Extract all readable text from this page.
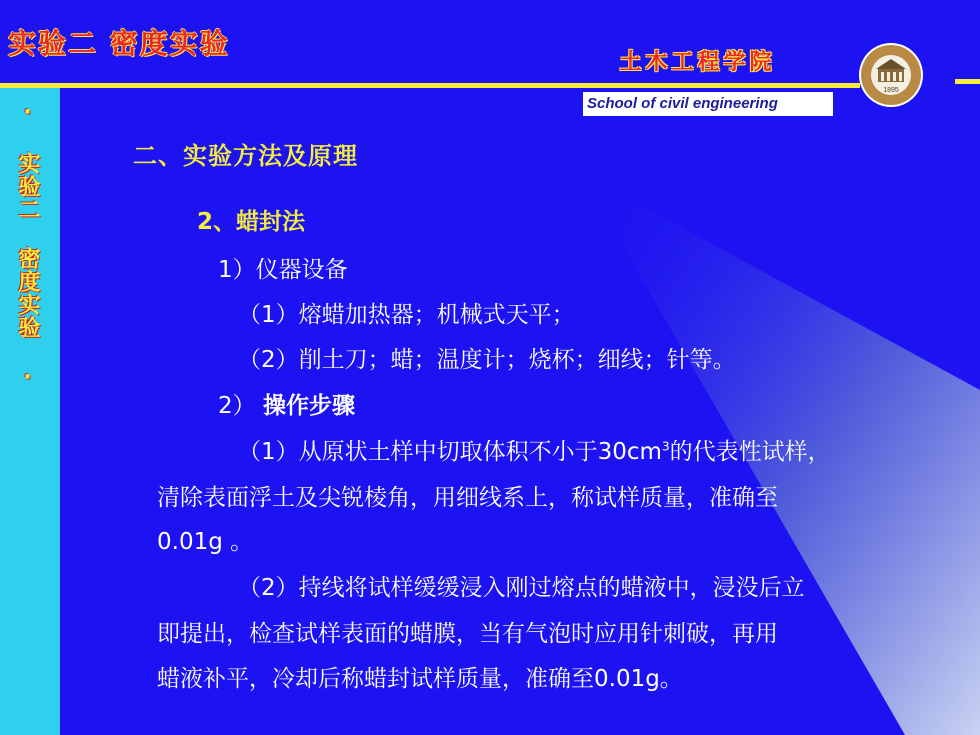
· 实验二 密度实验 ·
实验二 密度实验
土木工程学院
School of civil engineering
1895
二、实验方法及原理

2、蜡封法

1）仪器设备

（1）熔蜡加热器；机械式天平；

（2）削土刀；蜡；温度计；烧杯；细线；针等。

2） 操作步骤

（1）从原状土样中切取体积不小于$30cm^3$的代表性试样，

清除表面浮土及尖锐棱角，用细线系上，称试样质量，准确至

0.01g 。

（2）持线将试样缓缓浸入刚过熔点的蜡液中，浸没后立

即提出，检查试样表面的蜡膜，当有气泡时应用针刺破，再用

蜡液补平，冷却后称蜡封试样质量，准确至0.01g。
